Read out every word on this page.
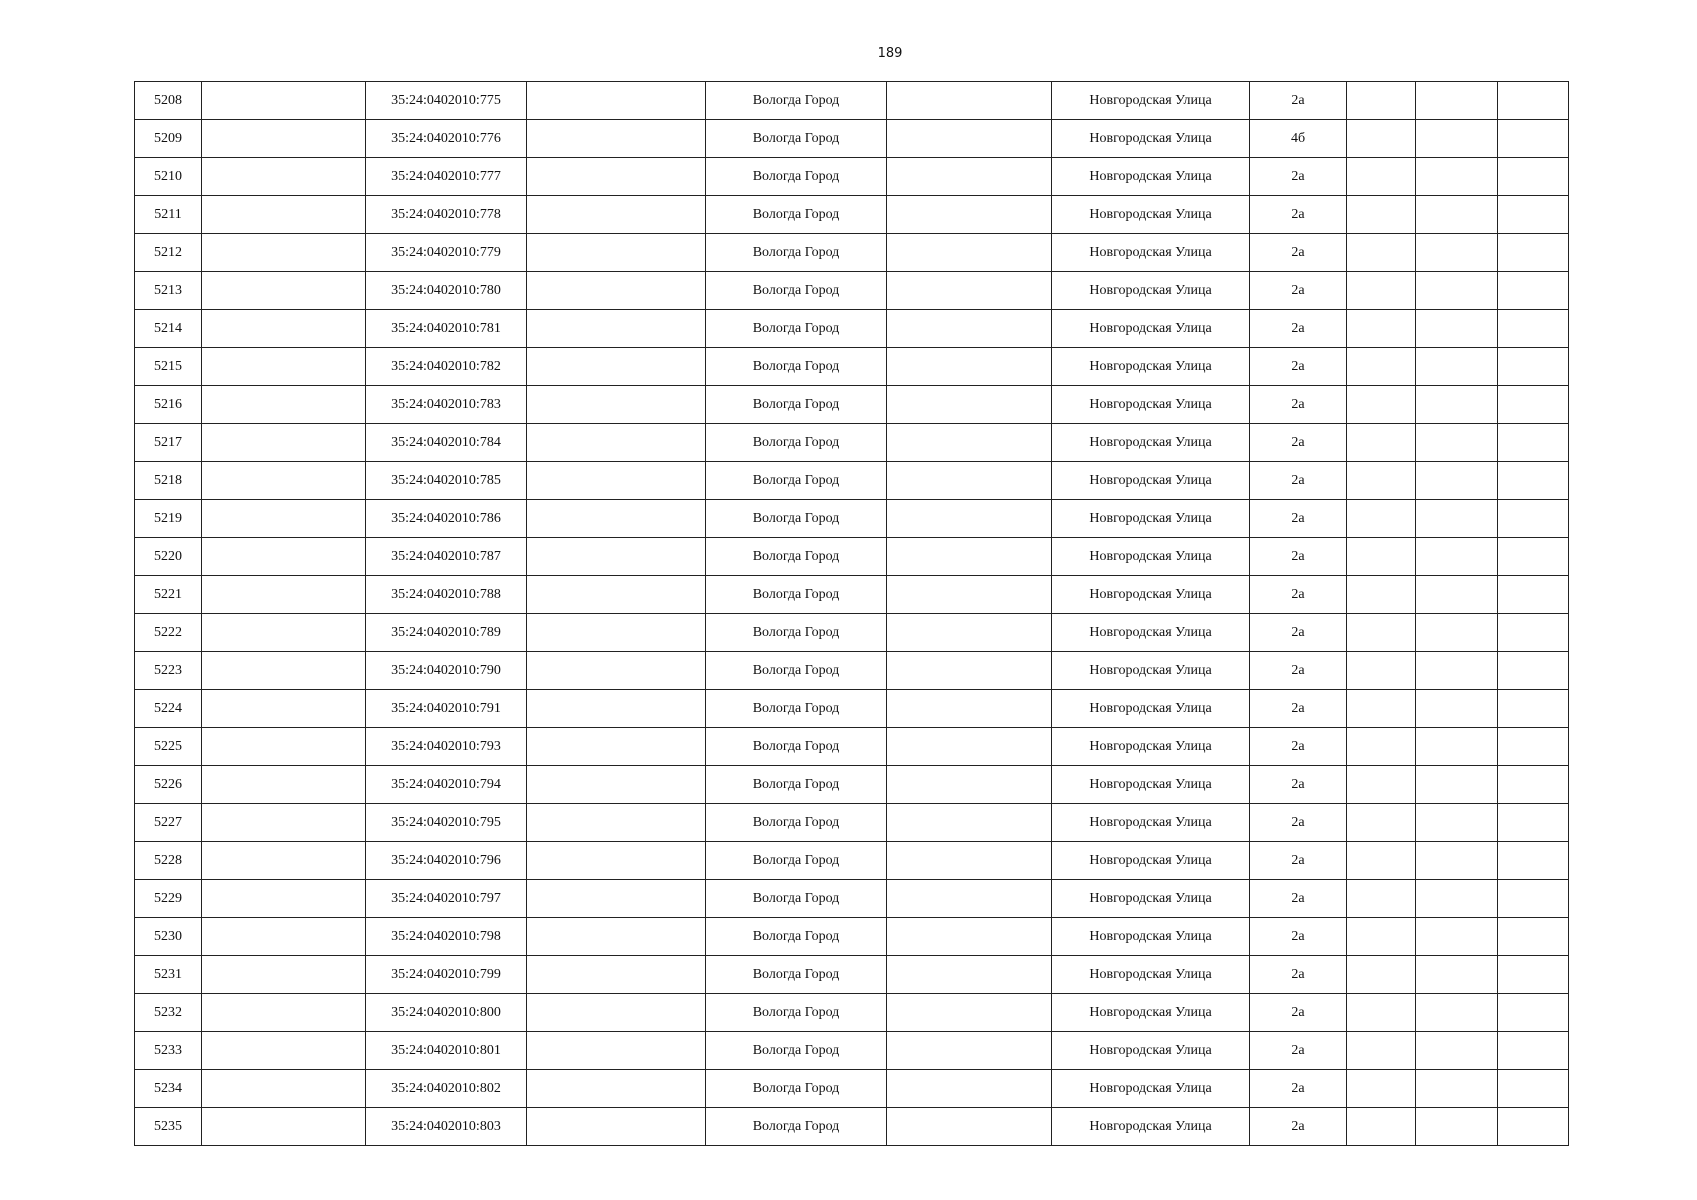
189
5208		35:24:0402010:775		Вологда Город		Новгородская Улица	2а			
5209		35:24:0402010:776		Вологда Город		Новгородская Улица	4б			
5210		35:24:0402010:777		Вологда Город		Новгородская Улица	2а			
5211		35:24:0402010:778		Вологда Город		Новгородская Улица	2а			
5212		35:24:0402010:779		Вологда Город		Новгородская Улица	2а			
5213		35:24:0402010:780		Вологда Город		Новгородская Улица	2а			
5214		35:24:0402010:781		Вологда Город		Новгородская Улица	2а			
5215		35:24:0402010:782		Вологда Город		Новгородская Улица	2а			
5216		35:24:0402010:783		Вологда Город		Новгородская Улица	2а			
5217		35:24:0402010:784		Вологда Город		Новгородская Улица	2а			
5218		35:24:0402010:785		Вологда Город		Новгородская Улица	2а			
5219		35:24:0402010:786		Вологда Город		Новгородская Улица	2а			
5220		35:24:0402010:787		Вологда Город		Новгородская Улица	2а			
5221		35:24:0402010:788		Вологда Город		Новгородская Улица	2а			
5222		35:24:0402010:789		Вологда Город		Новгородская Улица	2а			
5223		35:24:0402010:790		Вологда Город		Новгородская Улица	2а			
5224		35:24:0402010:791		Вологда Город		Новгородская Улица	2а			
5225		35:24:0402010:793		Вологда Город		Новгородская Улица	2а			
5226		35:24:0402010:794		Вологда Город		Новгородская Улица	2а			
5227		35:24:0402010:795		Вологда Город		Новгородская Улица	2а			
5228		35:24:0402010:796		Вологда Город		Новгородская Улица	2а			
5229		35:24:0402010:797		Вологда Город		Новгородская Улица	2а			
5230		35:24:0402010:798		Вологда Город		Новгородская Улица	2а			
5231		35:24:0402010:799		Вологда Город		Новгородская Улица	2а			
5232		35:24:0402010:800		Вологда Город		Новгородская Улица	2а			
5233		35:24:0402010:801		Вологда Город		Новгородская Улица	2а			
5234		35:24:0402010:802		Вологда Город		Новгородская Улица	2а			
5235		35:24:0402010:803		Вологда Город		Новгородская Улица	2а			
